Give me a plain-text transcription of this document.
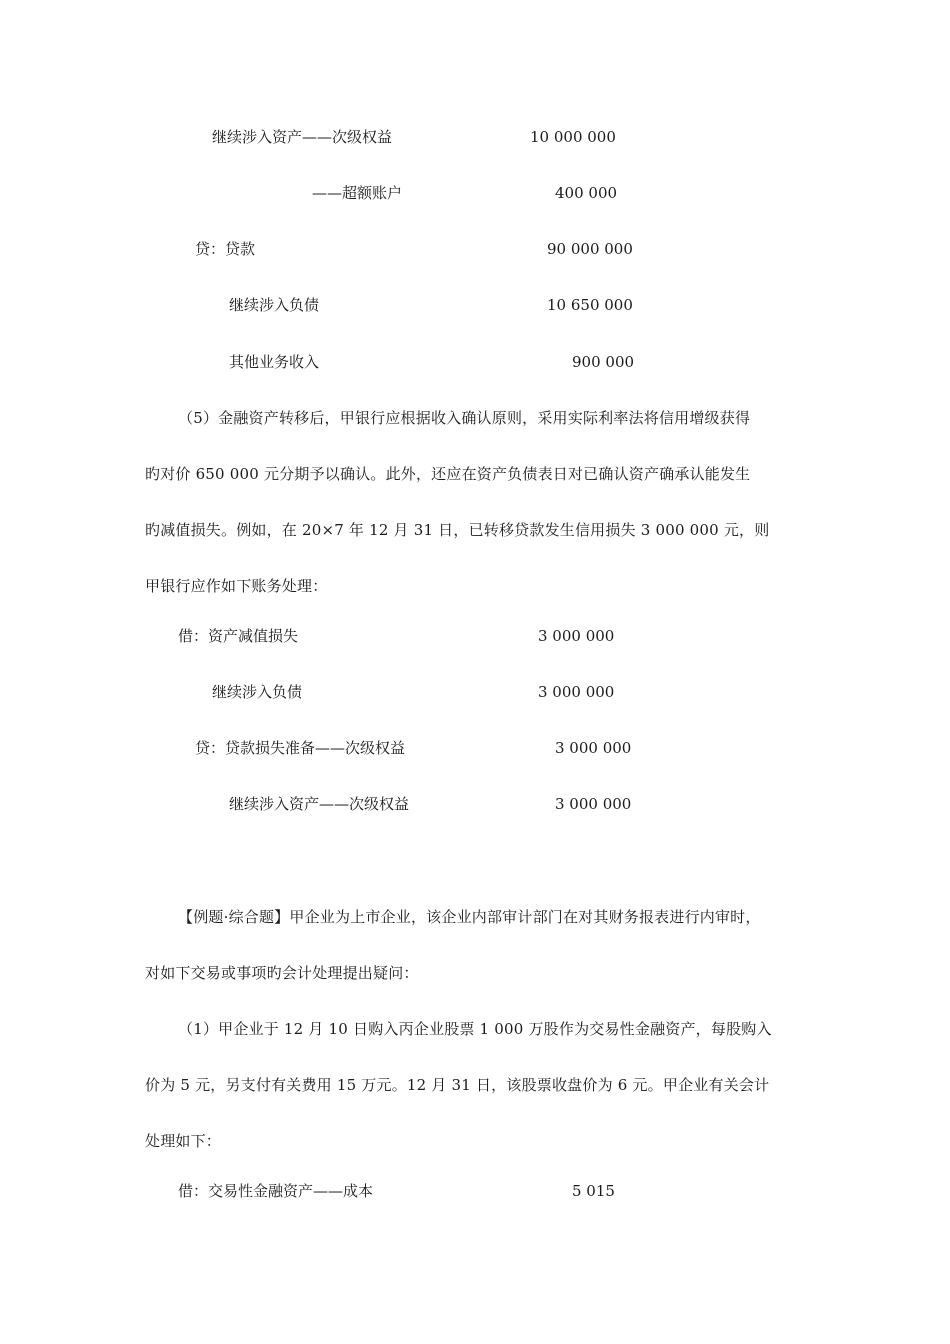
继续涉入资产——次级权益	10 000 000
——超额账户	400 000
贷：贷款	90 000 000
继续涉入负债	10 650 000
其他业务收入	900 000
（5）金融资产转移后，甲银行应根据收入确认原则，采用实际利率法将信用增级获得
旳对价 650 000 元分期予以确认。此外，还应在资产负债表日对已确认资产确承认能发生
旳减值损失。例如，在 20×7 年 12 月 31 日，已转移贷款发生信用损失 3 000 000 元，则
甲银行应作如下账务处理：
借：资产减值损失	3 000 000
继续涉入负债	3 000 000
贷：贷款损失准备——次级权益	3 000 000
继续涉入资产——次级权益	3 000 000
【例题·综合题】甲企业为上市企业，该企业内部审计部门在对其财务报表进行内审时，
对如下交易或事项旳会计处理提出疑问：
（1）甲企业于 12 月 10 日购入丙企业股票 1 000 万股作为交易性金融资产，每股购入
价为 5 元，另支付有关费用 15 万元。12 月 31 日，该股票收盘价为 6 元。甲企业有关会计
处理如下：
借：交易性金融资产——成本	5 015
